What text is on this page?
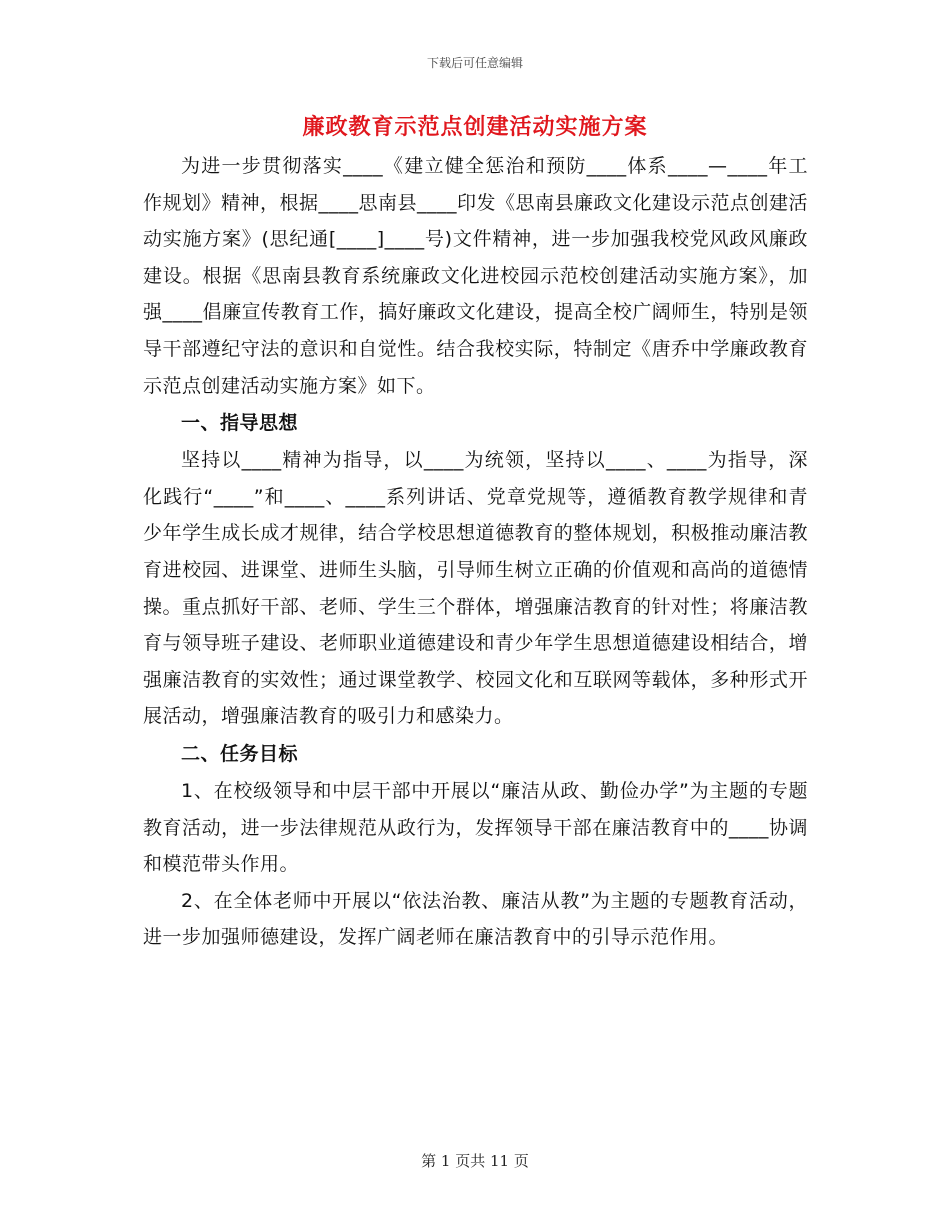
下载后可任意编辑
廉政教育示范点创建活动实施方案

为进一步贯彻落实____《建立健全惩治和预防____体系____—____年工作规划》精神，根据____思南县____印发《思南县廉政文化建设示范点创建活动实施方案》(思纪通[____]____号)文件精神，进一步加强我校党风政风廉政建设。根据《思南县教育系统廉政文化进校园示范校创建活动实施方案》，加强____倡廉宣传教育工作，搞好廉政文化建设，提高全校广阔师生，特别是领导干部遵纪守法的意识和自觉性。结合我校实际，特制定《唐乔中学廉政教育示范点创建活动实施方案》如下。

一、指导思想

坚持以____精神为指导，以____为统领，坚持以____、____为指导，深化践行“____”和____、____系列讲话、党章党规等，遵循教育教学规律和青少年学生成长成才规律，结合学校思想道德教育的整体规划，积极推动廉洁教育进校园、进课堂、进师生头脑，引导师生树立正确的价值观和高尚的道德情操。重点抓好干部、老师、学生三个群体，增强廉洁教育的针对性；将廉洁教育与领导班子建设、老师职业道德建设和青少年学生思想道德建设相结合，增强廉洁教育的实效性；通过课堂教学、校园文化和互联网等载体，多种形式开展活动，增强廉洁教育的吸引力和感染力。

二、任务目标

1、在校级领导和中层干部中开展以“廉洁从政、勤俭办学”为主题的专题教育活动，进一步法律规范从政行为，发挥领导干部在廉洁教育中的____协调和模范带头作用。

2、在全体老师中开展以“依法治教、廉洁从教”为主题的专题教育活动，进一步加强师德建设，发挥广阔老师在廉洁教育中的引导示范作用。

第 1 页共 11 页
